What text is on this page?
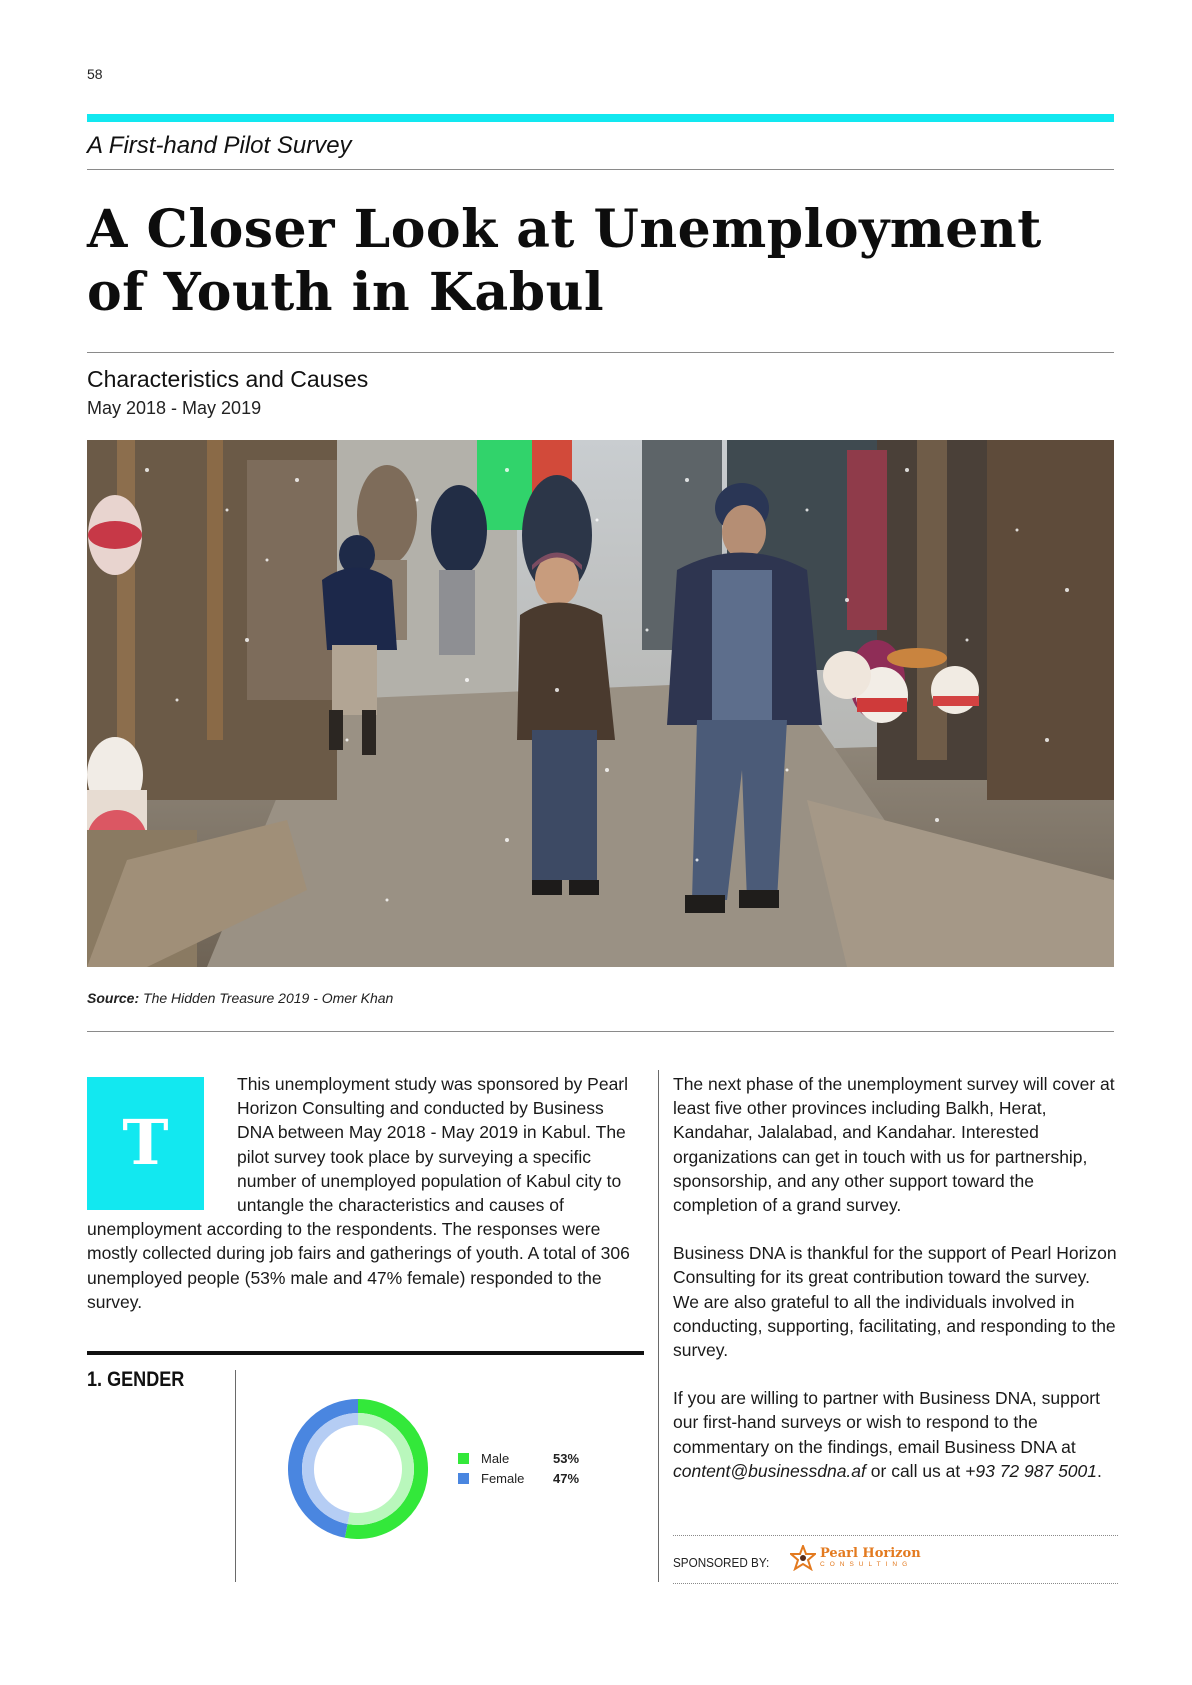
58
A First-hand Pilot Survey
A Closer Look at Unemployment of Youth in Kabul
Characteristics and Causes
May 2018 - May 2019
Source: The Hidden Treasure 2019 - Omer Khan

T
This unemployment study was sponsored by Pearl Horizon Consulting and conducted by Business DNA between May 2018 - May 2019 in Kabul. The pilot survey took place by surveying a specific number of unemployed population of Kabul city to untangle the characteristics and causes of unemployment according to the respondents. The responses were mostly collected during job fairs and gatherings of youth. A total of 306 unemployed people (53% male and 47% female) responded to the survey.

The next phase of the unemployment survey will cover at least five other provinces including Balkh, Herat, Kandahar, Jalalabad, and Kandahar. Interested organizations can get in touch with us for partnership, sponsorship, and any other support toward the completion of a grand survey.

Business DNA is thankful for the support of Pearl Horizon Consulting for its great contribution toward the survey. We are also grateful to all the individuals involved in conducting, supporting, facilitating, and responding to the survey.

If you are willing to partner with Business DNA, support our first-hand surveys or wish to respond to the commentary on the findings, email Business DNA at content@businessdna.af or call us at +93 72 987 5001.

1. GENDER
Male	53%
Female 47%
SPONSORED BY:
Pearl Horizon
CONSULTING
